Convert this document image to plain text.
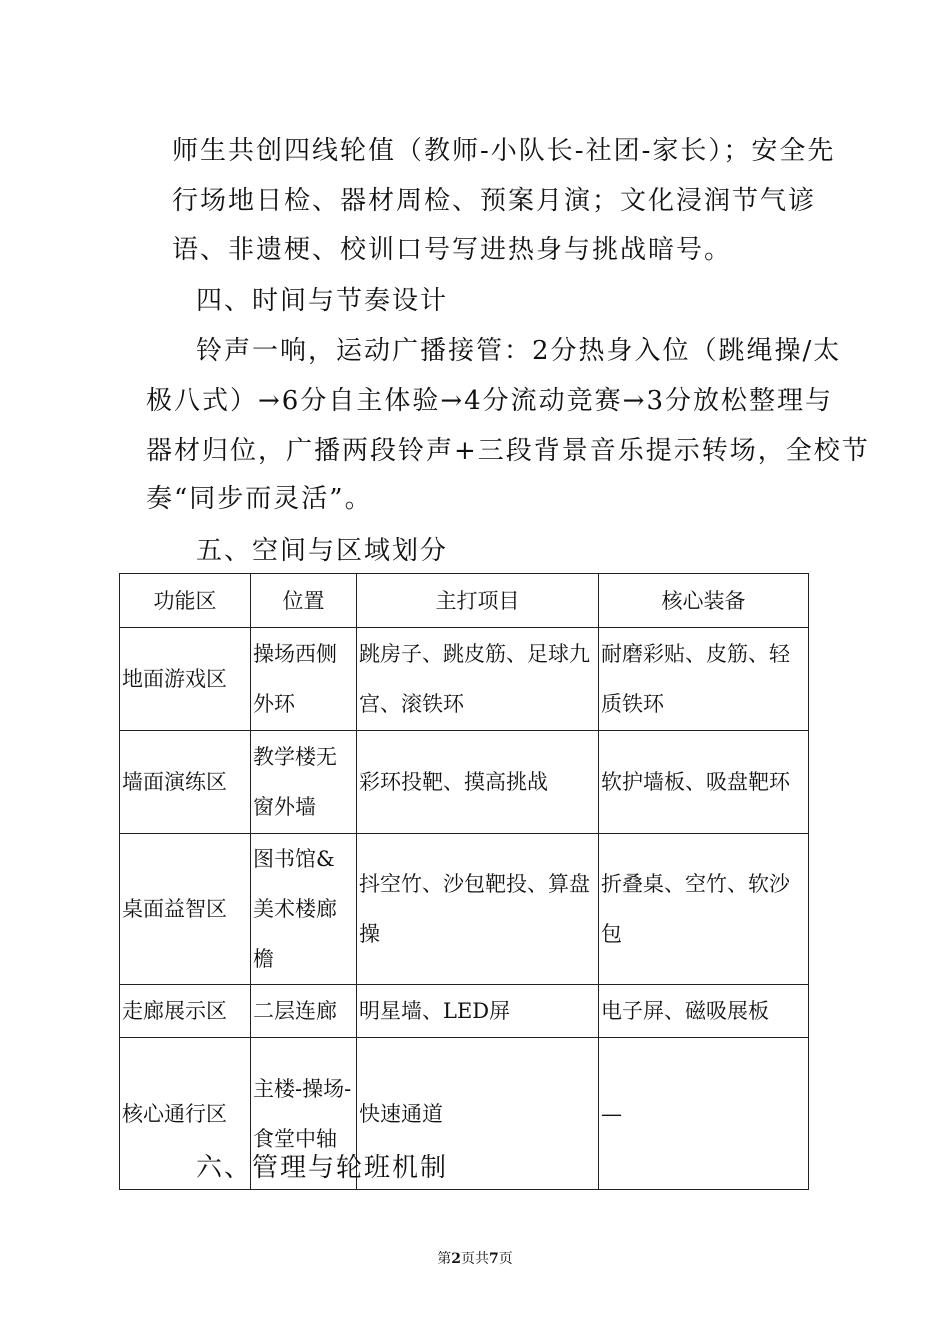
师生共创四线轮值（教师-小队长-社团-家长）；安全先
行场地日检、器材周检、预案月演；文化浸润节气谚
语、非遗梗、校训口号写进热身与挑战暗号。
四、时间与节奏设计
铃声一响，运动广播接管：2分热身入位（跳绳操/太
极八式）→6分自主体验→4分流动竞赛→3分放松整理与
器材归位，广播两段铃声+三段背景音乐提示转场，全校节
奏“同步而灵活”。
五、空间与区域划分
功能区	位置	主打项目	核心装备
地面游戏区	操场西侧外环	跳房子、跳皮筋、足球九宫、滚铁环	耐磨彩贴、皮筋、轻质铁环
墙面演练区	教学楼无窗外墙	彩环投靶、摸高挑战	软护墙板、吸盘靶环
桌面益智区	图书馆&美术楼廊檐	抖空竹、沙包靶投、算盘操	折叠桌、空竹、软沙包
走廊展示区	二层连廊	明星墙、LED屏	电子屏、磁吸展板
核心通行区	主楼-操场-食堂中轴	快速通道	—
六、管理与轮班机制
第2页共7页
